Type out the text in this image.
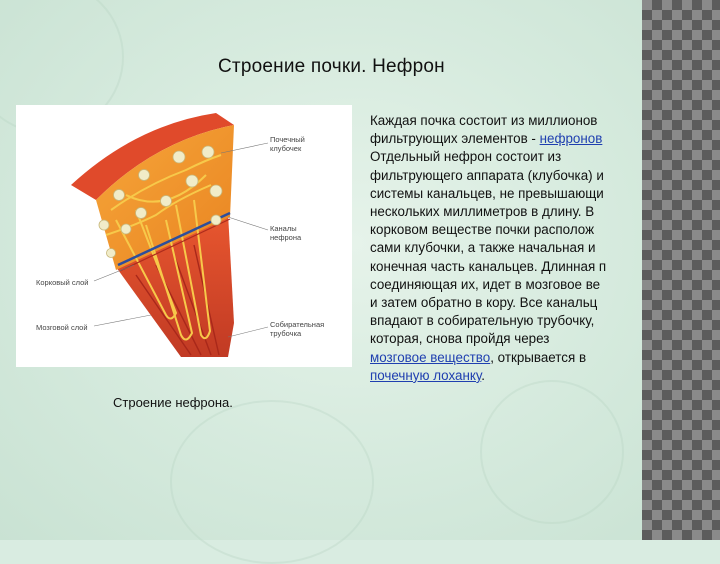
Строение почки. Нефрон
Почечный
клубочек
Каналы
нефрона
Корковый слой
Мозговой слой	Собирательная
трубочка
Строение нефрона.
Каждая почка состоит из миллионов
фильтрующих элементов - нефронов
Отдельный нефрон состоит из
фильтрующего аппарата (клубочка) и
системы канальцев, не превышающи
нескольких миллиметров в длину. В
корковом веществе почки располож
сами клубочки, а также начальная и
конечная часть канальцев. Длинная п
соединяющая их, идет в мозговое ве
и затем обратно в кору. Все канальц
впадают в собирательную трубочку,
которая, снова пройдя через
мозговое вещество, открывается в
почечную лоханку.
